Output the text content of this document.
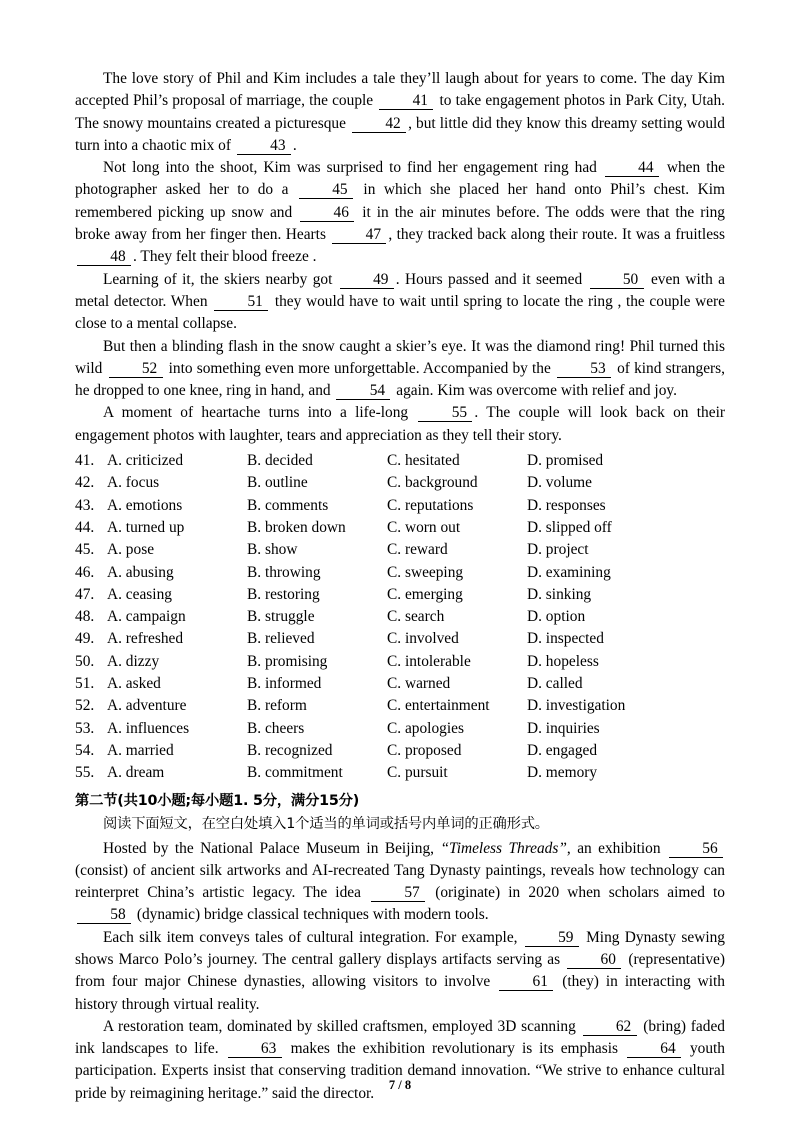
The love story of Phil and Kim includes a tale they’ll laugh about for years to come. The day Kim accepted Phil’s proposal of marriage, the couple 41 to take engagement photos in Park City, Utah. The snowy mountains created a picturesque 42 , but little did they know this dreamy setting would turn into a chaotic mix of 43 .

Not long into the shoot, Kim was surprised to find her engagement ring had 44 when the photographer asked her to do a 45 in which she placed her hand onto Phil’s chest. Kim remembered picking up snow and 46 it in the air minutes before. The odds were that the ring broke away from her finger then. Hearts 47 , they tracked back along their route. It was a fruitless 48 . They felt their blood freeze .

Learning of it, the skiers nearby got 49 . Hours passed and it seemed 50 even with a metal detector. When 51 they would have to wait until spring to locate the ring , the couple were close to a mental collapse.

But then a blinding flash in the snow caught a skier’s eye. It was the diamond ring! Phil turned this wild 52 into something even more unforgettable. Accompanied by the 53 of kind strangers, he dropped to one knee, ring in hand, and 54 again. Kim was overcome with relief and joy.

A moment of heartache turns into a life-long 55 . The couple will look back on their engagement photos with laughter, tears and appreciation as they tell their story.

41. A. criticized	B. decided	C. hesitated	D. promised
42. A. focus	B. outline	C. background	D. volume
43. A. emotions	B. comments	C. reputations	D. responses
44. A. turned up	B. broken down	C. worn out	D. slipped off
45. A. pose	B. show	C. reward	D. project
46. A. abusing	B. throwing	C. sweeping	D. examining
47. A. ceasing	B. restoring	C. emerging	D. sinking
48. A. campaign	B. struggle	C. search	D. option
49. A. refreshed	B. relieved	C. involved	D. inspected
50. A. dizzy	B. promising	C. intolerable	D. hopeless
51. A. asked	B. informed	C. warned	D. called
52. A. adventure	B. reform	C. entertainment	D. investigation
53. A. influences	B. cheers	C. apologies	D. inquiries
54. A. married	B. recognized	C. proposed	D. engaged
55. A. dream	B. commitment	C. pursuit	D. memory
第二节(共10小题;每小题1. 5分，满分15分)
阅读下面短文，在空白处填入1个适当的单词或括号内单词的正确形式。

Hosted by the National Palace Museum in Beijing, “Timeless Threads”, an exhibition 56 (consist) of ancient silk artworks and AI-recreated Tang Dynasty paintings, reveals how technology can reinterpret China’s artistic legacy. The idea 57 (originate) in 2020 when scholars aimed to 58 (dynamic) bridge classical techniques with modern tools.

Each silk item conveys tales of cultural integration. For example, 59 Ming Dynasty sewing shows Marco Polo’s journey. The central gallery displays artifacts serving as 60 (representative) from four major Chinese dynasties, allowing visitors to involve 61 (they) in interacting with history through virtual reality.

A restoration team, dominated by skilled craftsmen, employed 3D scanning 62 (bring) faded ink landscapes to life. 63 makes the exhibition revolutionary is its emphasis 64 youth participation. Experts insist that conserving tradition demand innovation. “We strive to enhance cultural pride by reimagining heritage.” said the director.	7 / 8
